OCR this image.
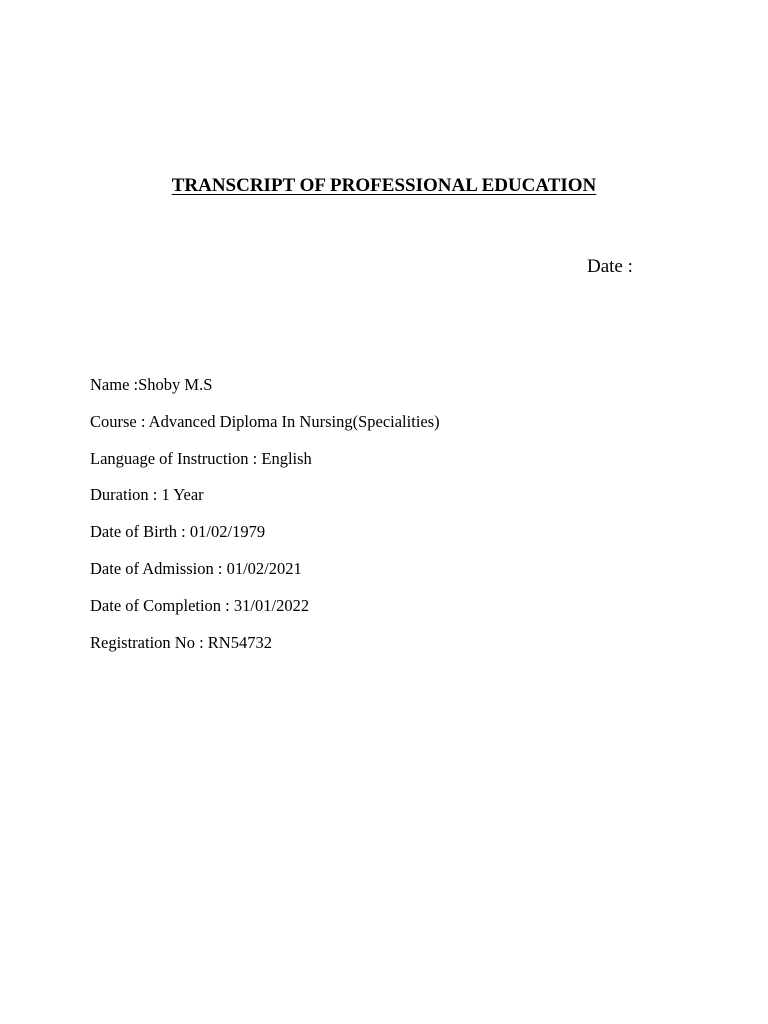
TRANSCRIPT OF PROFESSIONAL EDUCATION
Date :
Name :Shoby M.S
Course : Advanced Diploma In Nursing(Specialities)
Language of Instruction : English
Duration : 1 Year
Date of Birth : 01/02/1979
Date of Admission : 01/02/2021
Date of Completion : 31/01/2022
Registration No : RN54732
